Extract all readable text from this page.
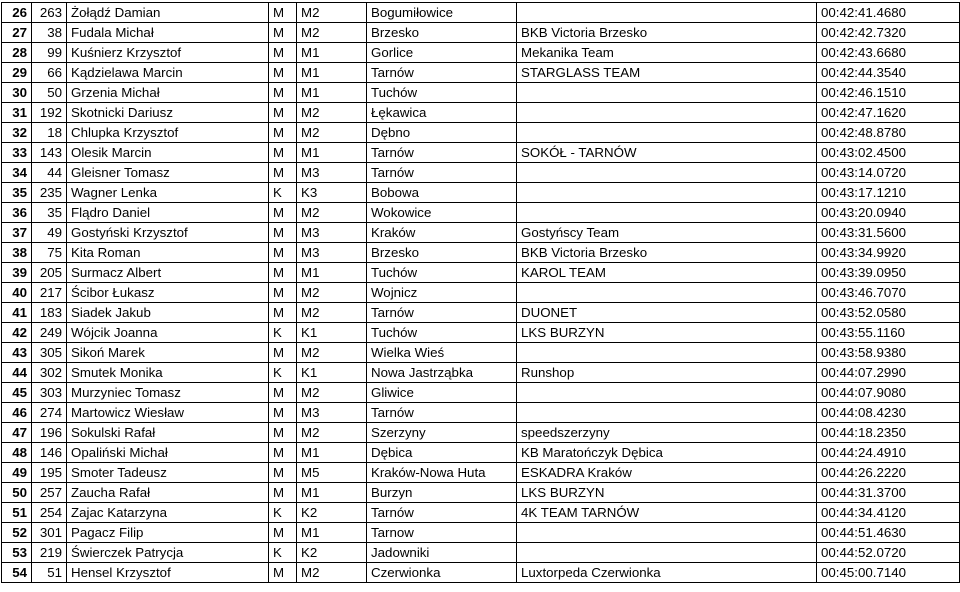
26	263	Żołądź Damian	M	M2	Bogumiłowice		00:42:41.4680
27	38	Fudala Michał	M	M2	Brzesko	BKB Victoria Brzesko	00:42:42.7320
28	99	Kuśnierz Krzysztof	M	M1	Gorlice	Mekanika Team	00:42:43.6680
29	66	Kądzielawa Marcin	M	M1	Tarnów	STARGLASS TEAM	00:42:44.3540
30	50	Grzenia Michał	M	M1	Tuchów		00:42:46.1510
31	192	Skotnicki Dariusz	M	M2	Łękawica		00:42:47.1620
32	18	Chlupka Krzysztof	M	M2	Dębno		00:42:48.8780
33	143	Olesik Marcin	M	M1	Tarnów	SOKÓŁ - TARNÓW	00:43:02.4500
34	44	Gleisner Tomasz	M	M3	Tarnów		00:43:14.0720
35	235	Wagner Lenka	K	K3	Bobowa		00:43:17.1210
36	35	Flądro Daniel	M	M2	Wokowice		00:43:20.0940
37	49	Gostyński Krzysztof	M	M3	Kraków	Gostyńscy Team	00:43:31.5600
38	75	Kita Roman	M	M3	Brzesko	BKB Victoria Brzesko	00:43:34.9920
39	205	Surmacz Albert	M	M1	Tuchów	KAROL TEAM	00:43:39.0950
40	217	Ścibor Łukasz	M	M2	Wojnicz		00:43:46.7070
41	183	Siadek Jakub	M	M2	Tarnów	DUONET	00:43:52.0580
42	249	Wójcik Joanna	K	K1	Tuchów	LKS BURZYN	00:43:55.1160
43	305	Sikoń Marek	M	M2	Wielka Wieś		00:43:58.9380
44	302	Smutek Monika	K	K1	Nowa Jastrząbka	Runshop	00:44:07.2990
45	303	Murzyniec Tomasz	M	M2	Gliwice		00:44:07.9080
46	274	Martowicz Wiesław	M	M3	Tarnów		00:44:08.4230
47	196	Sokulski Rafał	M	M2	Szerzyny	speedszerzyny	00:44:18.2350
48	146	Opaliński Michał	M	M1	Dębica	KB Maratończyk Dębica	00:44:24.4910
49	195	Smoter Tadeusz	M	M5	Kraków-Nowa Huta	ESKADRA Kraków	00:44:26.2220
50	257	Zaucha Rafał	M	M1	Burzyn	LKS BURZYN	00:44:31.3700
51	254	Zajac Katarzyna	K	K2	Tarnów	4K TEAM TARNÓW	00:44:34.4120
52	301	Pagacz Filip	M	M1	Tarnow		00:44:51.4630
53	219	Świerczek Patrycja	K	K2	Jadowniki		00:44:52.0720
54	51	Hensel Krzysztof	M	M2	Czerwionka	Luxtorpeda Czerwionka	00:45:00.7140
